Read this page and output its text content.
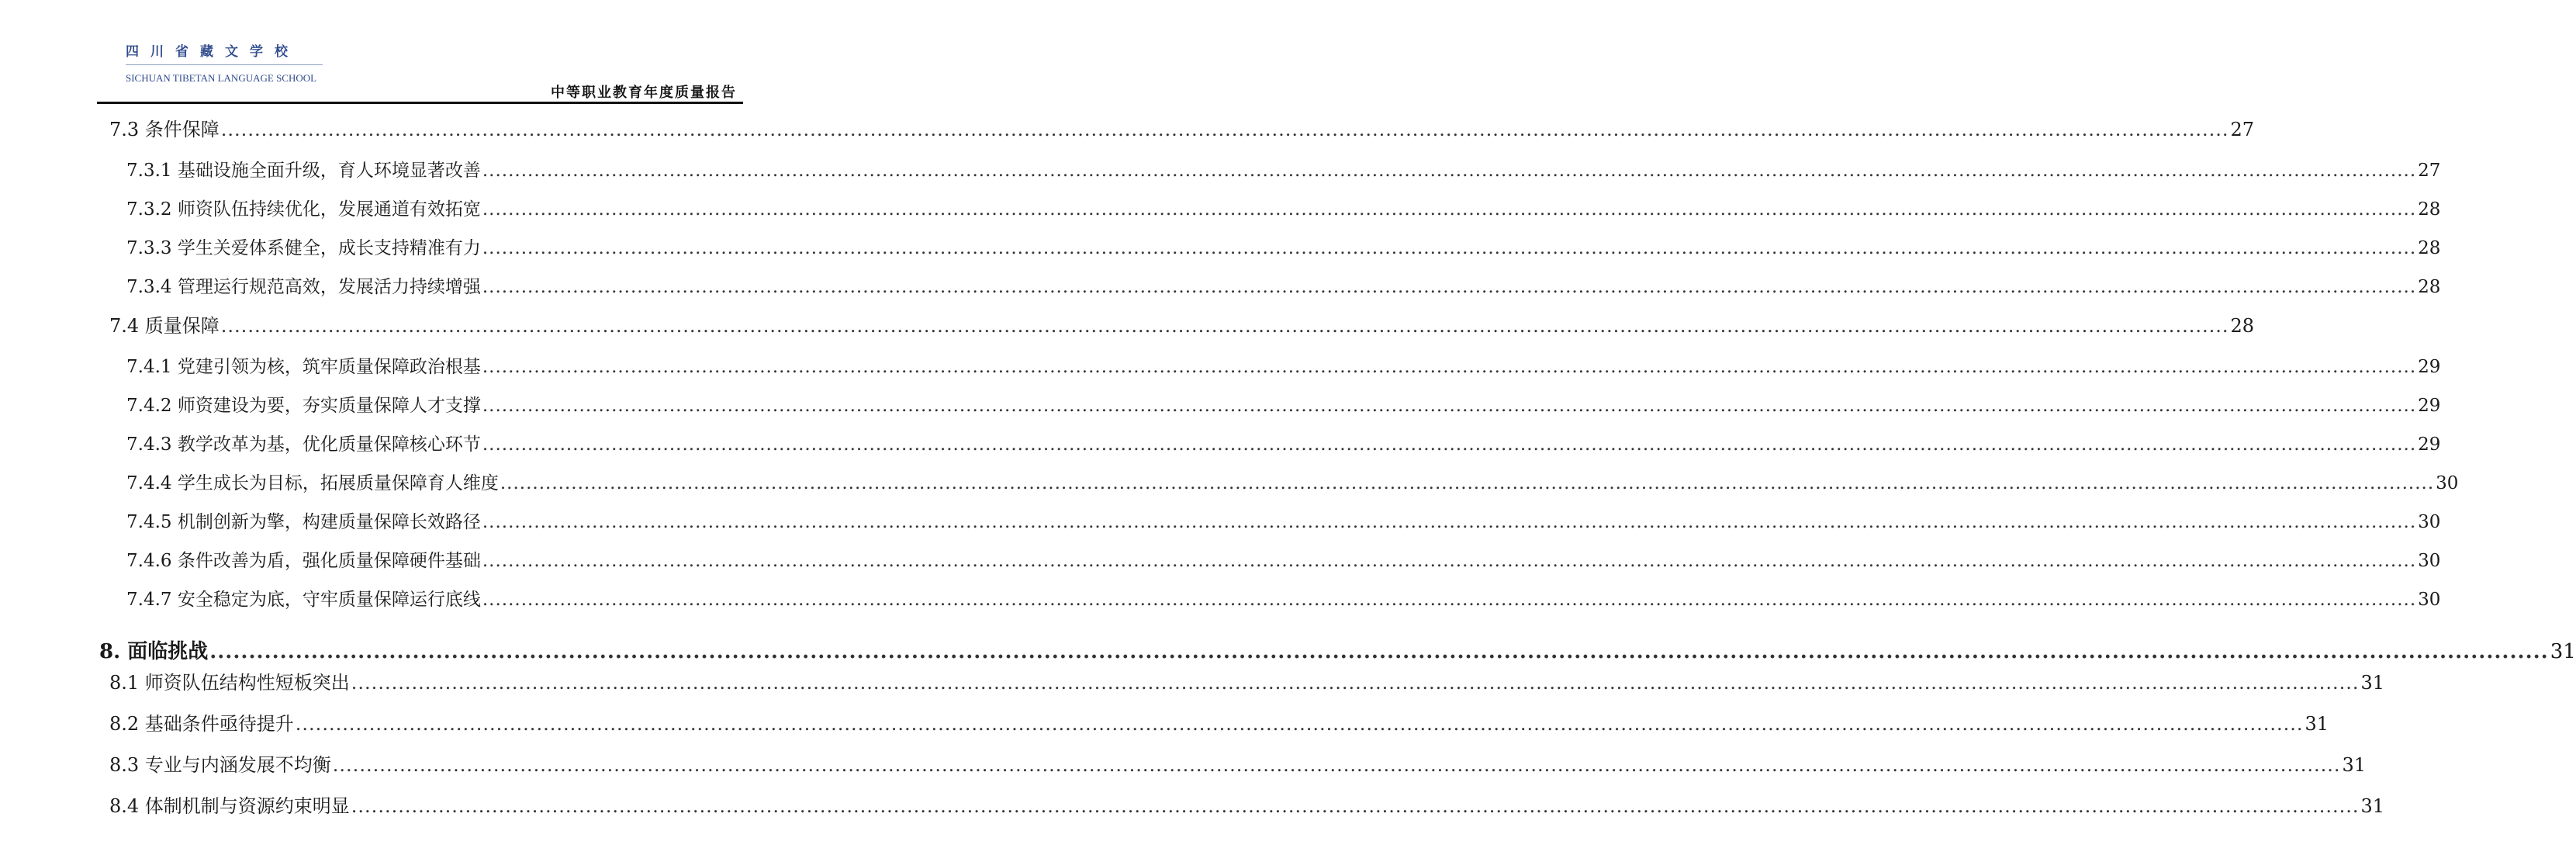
四川省藏文学校
SICHUAN TIBETAN LANGUAGE SCHOOL
中等职业教育年度质量报告
7.3 条件保障 ............................................................................................................................................................................................................................................................................................................ 27
7.3.1 基础设施全面升级，育人环境显著改善 ............................................................................................................................................................................................................................................................................................................ 27
7.3.2 师资队伍持续优化，发展通道有效拓宽 ............................................................................................................................................................................................................................................................................................................ 28
7.3.3 学生关爱体系健全，成长支持精准有力 ............................................................................................................................................................................................................................................................................................................ 28
7.3.4 管理运行规范高效，发展活力持续增强 ............................................................................................................................................................................................................................................................................................................ 28
7.4 质量保障 ............................................................................................................................................................................................................................................................................................................ 28
7.4.1 党建引领为核，筑牢质量保障政治根基 ............................................................................................................................................................................................................................................................................................................ 29
7.4.2 师资建设为要，夯实质量保障人才支撑 ............................................................................................................................................................................................................................................................................................................ 29
7.4.3 教学改革为基，优化质量保障核心环节 ............................................................................................................................................................................................................................................................................................................ 29
7.4.4 学生成长为目标，拓展质量保障育人维度 ............................................................................................................................................................................................................................................................................................................ 30
7.4.5 机制创新为擎，构建质量保障长效路径 ............................................................................................................................................................................................................................................................................................................ 30
7.4.6 条件改善为盾，强化质量保障硬件基础 ............................................................................................................................................................................................................................................................................................................ 30
7.4.7 安全稳定为底，守牢质量保障运行底线 ............................................................................................................................................................................................................................................................................................................ 30
8. 面临挑战 ............................................................................................................................................................................................................................................................................................................ 31
8.1 师资队伍结构性短板突出 ............................................................................................................................................................................................................................................................................................................ 31
8.2 基础条件亟待提升 ............................................................................................................................................................................................................................................................................................................ 31
8.3 专业与内涵发展不均衡 ............................................................................................................................................................................................................................................................................................................ 31
8.4 体制机制与资源约束明显 ............................................................................................................................................................................................................................................................................................................ 31
